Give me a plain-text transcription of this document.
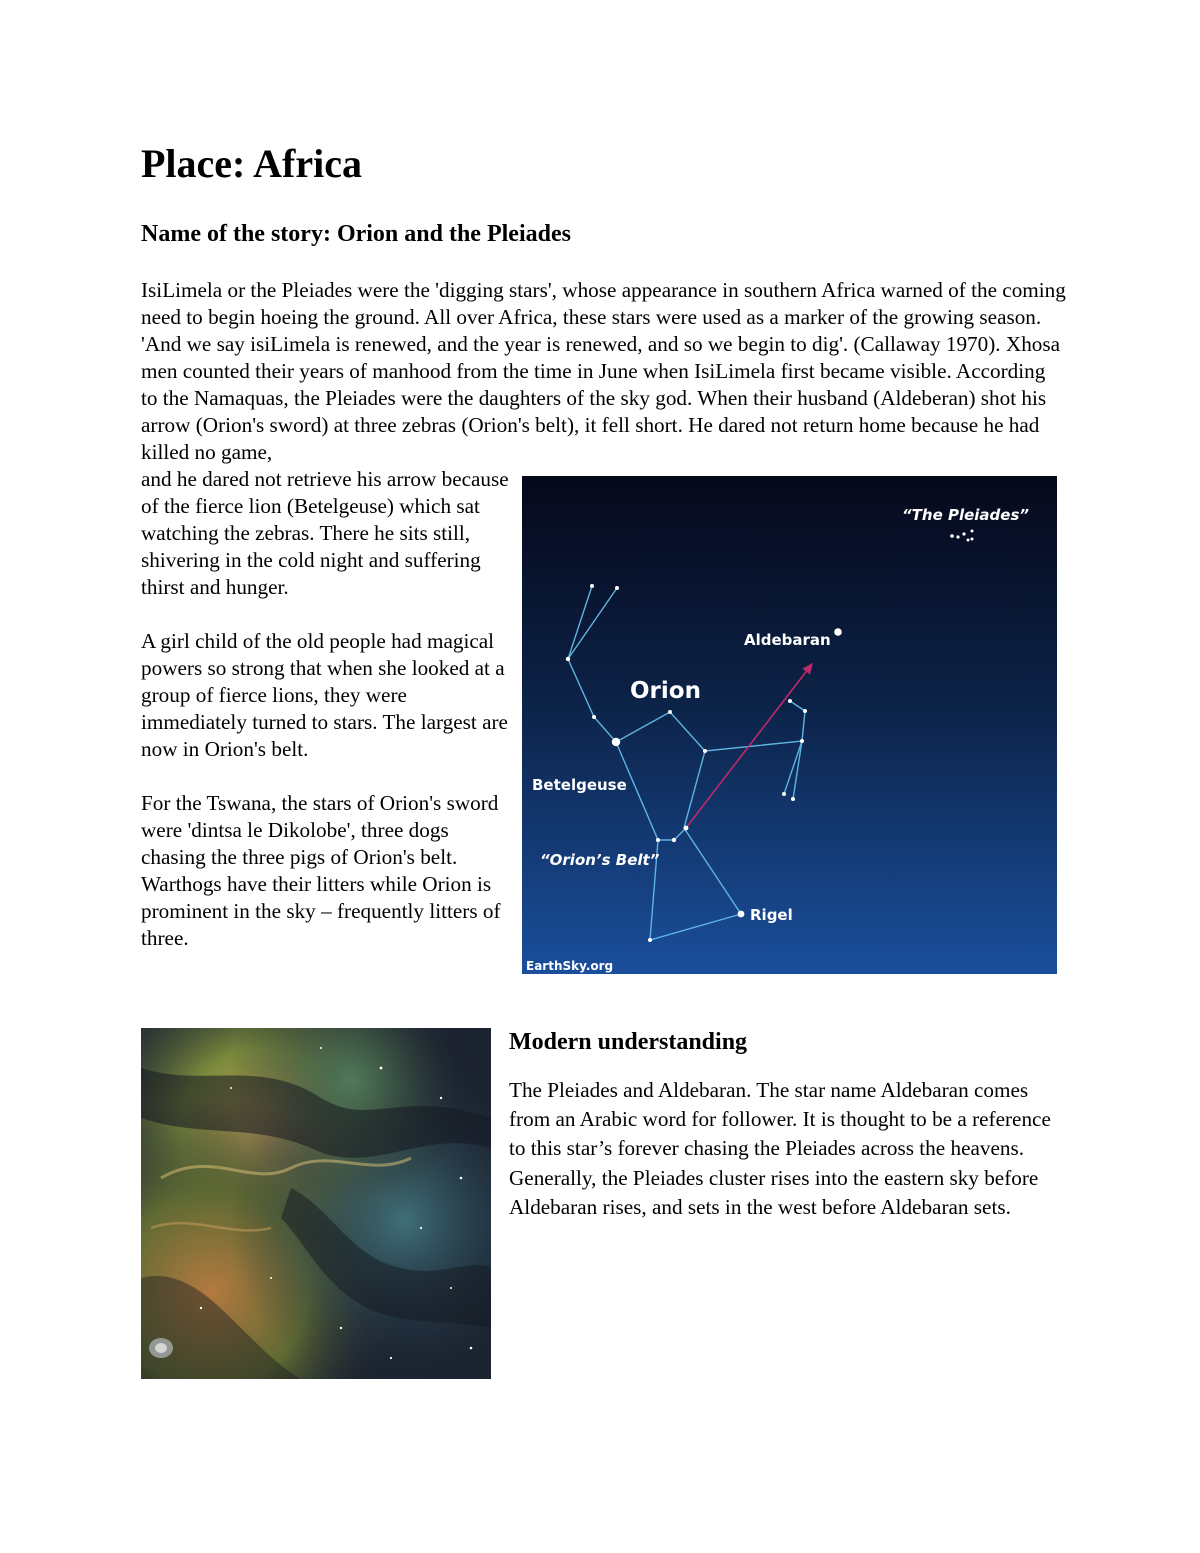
Place: Africa
Name of the story: Orion and the Pleiades

IsiLimela or the Pleiades were the 'digging stars', whose appearance in southern Africa warned of the coming need to begin hoeing the ground. All over Africa, these stars were used as a marker of the growing season. 'And we say isiLimela is renewed, and the year is renewed, and so we begin to dig'. (Callaway 1970). Xhosa men counted their years of manhood from the time in June when IsiLimela first became visible. According to the Namaquas, the Pleiades were the daughters of the sky god. When their husband (Aldeberan) shot his arrow (Orion's sword) at three zebras (Orion's belt), it fell short. He dared not return home because he had killed no game,

and he dared not retrieve his arrow because of the fierce lion (Betelgeuse) which sat watching the zebras. There he sits still, shivering in the cold night and suffering thirst and hunger.

A girl child of the old people had magical powers so strong that when she looked at a group of fierce lions, they were immediately turned to stars. The largest are now in Orion's belt.

For the Tswana, the stars of Orion's sword were 'dintsa le Dikolobe', three dogs chasing the three pigs of Orion's belt. Warthogs have their litters while Orion is prominent in the sky – frequently litters of three.

“The Pleiades”
Aldebaran
Orion
Betelgeuse
“Orion’s Belt”
Rigel
EarthSky.org
Modern understanding

The Pleiades and Aldebaran. The star name Aldebaran comes from an Arabic word for follower. It is thought to be a reference to this star’s forever chasing the Pleiades across the heavens. Generally, the Pleiades cluster rises into the eastern sky before Aldebaran rises, and sets in the west before Aldebaran sets.
